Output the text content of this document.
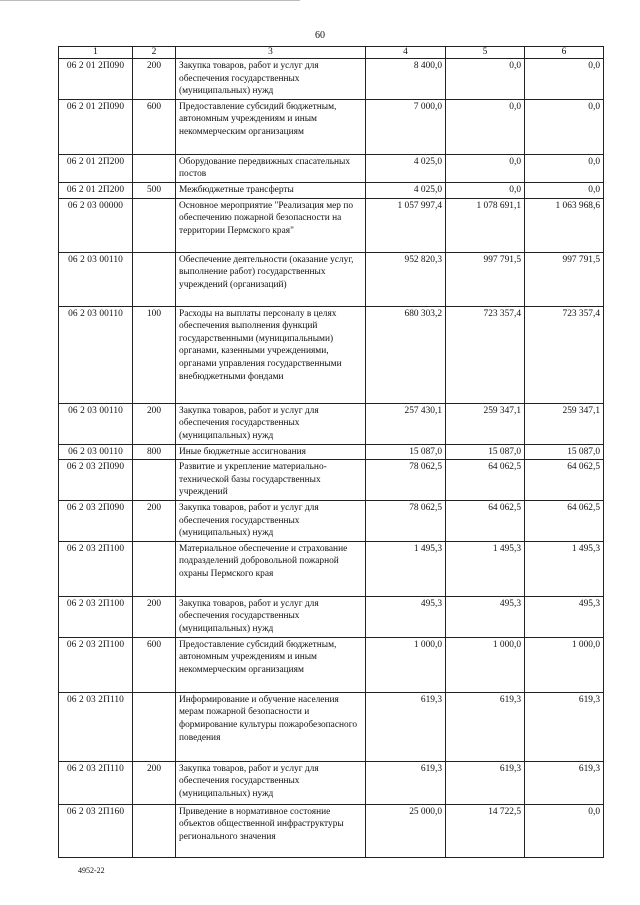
60
1	2	3	4	5	6
06 2 01 2П090	200	Закупка товаров, работ и услуг для обеспечения государственных (муниципальных) нужд	8 400,0	0,0	0,0
06 2 01 2П090	600	Предоставление субсидий бюджетным, автономным учреждениям и иным некоммерческим организациям	7 000,0	0,0	0,0
06 2 01 2П200		Оборудование передвижных спасательных постов	4 025,0	0,0	0,0
06 2 01 2П200	500	Межбюджетные трансферты	4 025,0	0,0	0,0
06 2 03 00000		Основное мероприятие "Реализация мер по обеспечению пожарной безопасности на территории Пермского края"	1 057 997,4	1 078 691,1	1 063 968,6
06 2 03 00110		Обеспечение деятельности (оказание услуг, выполнение работ) государственных учреждений (организаций)	952 820,3	997 791,5	997 791,5
06 2 03 00110	100	Расходы на выплаты персоналу в целях обеспечения выполнения функций государственными (муниципальными) органами, казенными учреждениями, органами управления государственными внебюджетными фондами	680 303,2	723 357,4	723 357,4
06 2 03 00110	200	Закупка товаров, работ и услуг для обеспечения государственных (муниципальных) нужд	257 430,1	259 347,1	259 347,1
06 2 03 00110	800	Иные бюджетные ассигнования	15 087,0	15 087,0	15 087,0
06 2 03 2П090		Развитие и укрепление материально-технической базы государственных учреждений	78 062,5	64 062,5	64 062,5
06 2 03 2П090	200	Закупка товаров, работ и услуг для обеспечения государственных (муниципальных) нужд	78 062,5	64 062,5	64 062,5
06 2 03 2П100		Материальное обеспечение и страхование подразделений добровольной пожарной охраны Пермского края	1 495,3	1 495,3	1 495,3
06 2 03 2П100	200	Закупка товаров, работ и услуг для обеспечения государственных (муниципальных) нужд	495,3	495,3	495,3
06 2 03 2П100	600	Предоставление субсидий бюджетным, автономным учреждениям и иным некоммерческим организациям	1 000,0	1 000,0	1 000,0
06 2 03 2П110		Информирование и обучение населения мерам пожарной безопасности и формирование культуры пожаробезопасного поведения	619,3	619,3	619,3
06 2 03 2П110	200	Закупка товаров, работ и услуг для обеспечения государственных (муниципальных) нужд	619,3	619,3	619,3
06 2 03 2П160		Приведение в нормативное состояние объектов общественной инфраструктуры регионального значения	25 000,0	14 722,5	0,0
4952-22
